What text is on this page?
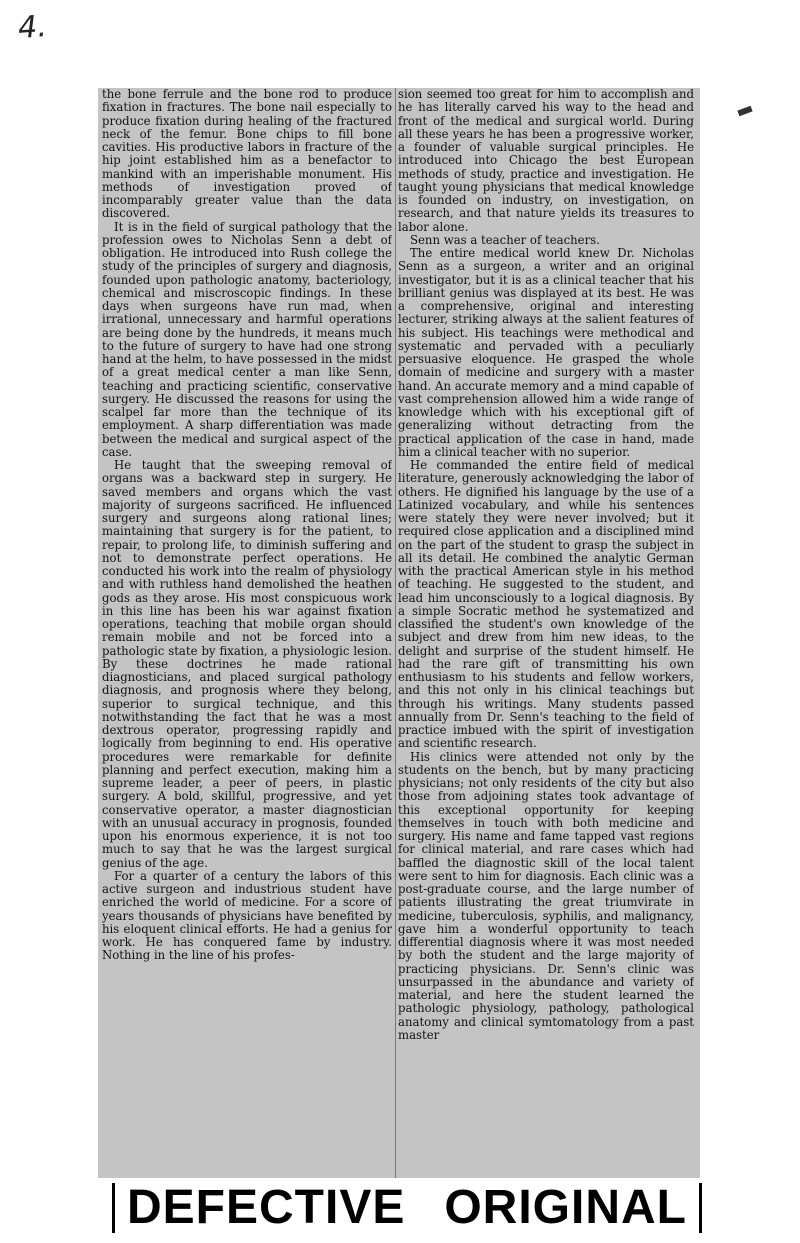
4.

the bone ferrule and the bone rod to produce fixation in fractures. The bone nail especially to produce fixation during healing of the fractured neck of the femur. Bone chips to fill bone cavities. His productive labors in fracture of the hip joint established him as a benefactor to mankind with an imperishable monument. His methods of investigation proved of incomparably greater value than the data discovered.

It is in the field of surgical pathology that the profession owes to Nicholas Senn a debt of obligation. He introduced into Rush college the study of the principles of surgery and diagnosis, founded upon pathologic anatomy, bacteriology, chemical and miscroscopic findings. In these days when surgeons have run mad, when irrational, unnecessary and harmful operations are being done by the hundreds, it means much to the future of surgery to have had one strong hand at the helm, to have possessed in the midst of a great medical center a man like Senn, teaching and practicing scientific, conservative surgery. He discussed the reasons for using the scalpel far more than the technique of its employment. A sharp differentiation was made between the medical and surgical aspect of the case.

He taught that the sweeping removal of organs was a backward step in surgery. He saved members and organs which the vast majority of surgeons sacrificed. He influenced surgery and surgeons along rational lines; maintaining that surgery is for the patient, to repair, to prolong life, to diminish suffering and not to demonstrate perfect operations. He conducted his work into the realm of physiology and with ruthless hand demolished the heathen gods as they arose. His most conspicuous work in this line has been his war against fixation operations, teaching that mobile organ should remain mobile and not be forced into a pathologic state by fixation, a physiologic lesion. By these doctrines he made rational diagnosticians, and placed surgical pathology diagnosis, and prognosis where they belong, superior to surgical technique, and this notwithstanding the fact that he was a most dextrous operator, progressing rapidly and logically from beginning to end. His operative procedures were remarkable for definite planning and perfect execution, making him a supreme leader, a peer of peers, in plastic surgery. A bold, skillful, progressive, and yet conservative operator, a master diagnostician with an unusual accuracy in prognosis, founded upon his enormous experience, it is not too much to say that he was the largest surgical genius of the age.

For a quarter of a century the labors of this active surgeon and industrious student have enriched the world of medicine. For a score of years thousands of physicians have benefited by his eloquent clinical efforts. He had a genius for work. He has conquered fame by industry. Nothing in the line of his profes-

sion seemed too great for him to accomplish and he has literally carved his way to the head and front of the medical and surgical world. During all these years he has been a progressive worker, a founder of valuable surgical principles. He introduced into Chicago the best European methods of study, practice and investigation. He taught young physicians that medical knowledge is founded on industry, on investigation, on research, and that nature yields its treasures to labor alone.

Senn was a teacher of teachers.

The entire medical world knew Dr. Nicholas Senn as a surgeon, a writer and an original investigator, but it is as a clinical teacher that his brilliant genius was displayed at its best. He was a comprehensive, original and interesting lecturer, striking always at the salient features of his subject. His teachings were methodical and systematic and pervaded with a peculiarly persuasive eloquence. He grasped the whole domain of medicine and surgery with a master hand. An accurate memory and a mind capable of vast comprehension allowed him a wide range of knowledge which with his exceptional gift of generalizing without detracting from the practical application of the case in hand, made him a clinical teacher with no superior.

He commanded the entire field of medical literature, generously acknowledging the labor of others. He dignified his language by the use of a Latinized vocabulary, and while his sentences were stately they were never involved; but it required close application and a disciplined mind on the part of the student to grasp the subject in all its detail. He combined the analytic German with the practical American style in his method of teaching. He suggested to the student, and lead him unconsciously to a logical diagnosis. By a simple Socratic method he systematized and classified the student's own knowledge of the subject and drew from him new ideas, to the delight and surprise of the student himself. He had the rare gift of transmitting his own enthusiasm to his students and fellow workers, and this not only in his clinical teachings but through his writings. Many students passed annually from Dr. Senn's teaching to the field of practice imbued with the spirit of investigation and scientific research.

His clinics were attended not only by the students on the bench, but by many practicing physicians; not only residents of the city but also those from adjoining states took advantage of this exceptional opportunity for keeping themselves in touch with both medicine and surgery. His name and fame tapped vast regions for clinical material, and rare cases which had baffled the diagnostic skill of the local talent were sent to him for diagnosis. Each clinic was a post-graduate course, and the large number of patients illustrating the great triumvirate in medicine, tuberculosis, syphilis, and malignancy, gave him a wonderful opportunity to teach differential diagnosis where it was most needed by both the student and the large majority of practicing physicians. Dr. Senn's clinic was unsurpassed in the abundance and variety of material, and here the student learned the pathologic physiology, pathology, pathological anatomy and clinical symtomatology from a past master

DEFECTIVE ORIGINAL
